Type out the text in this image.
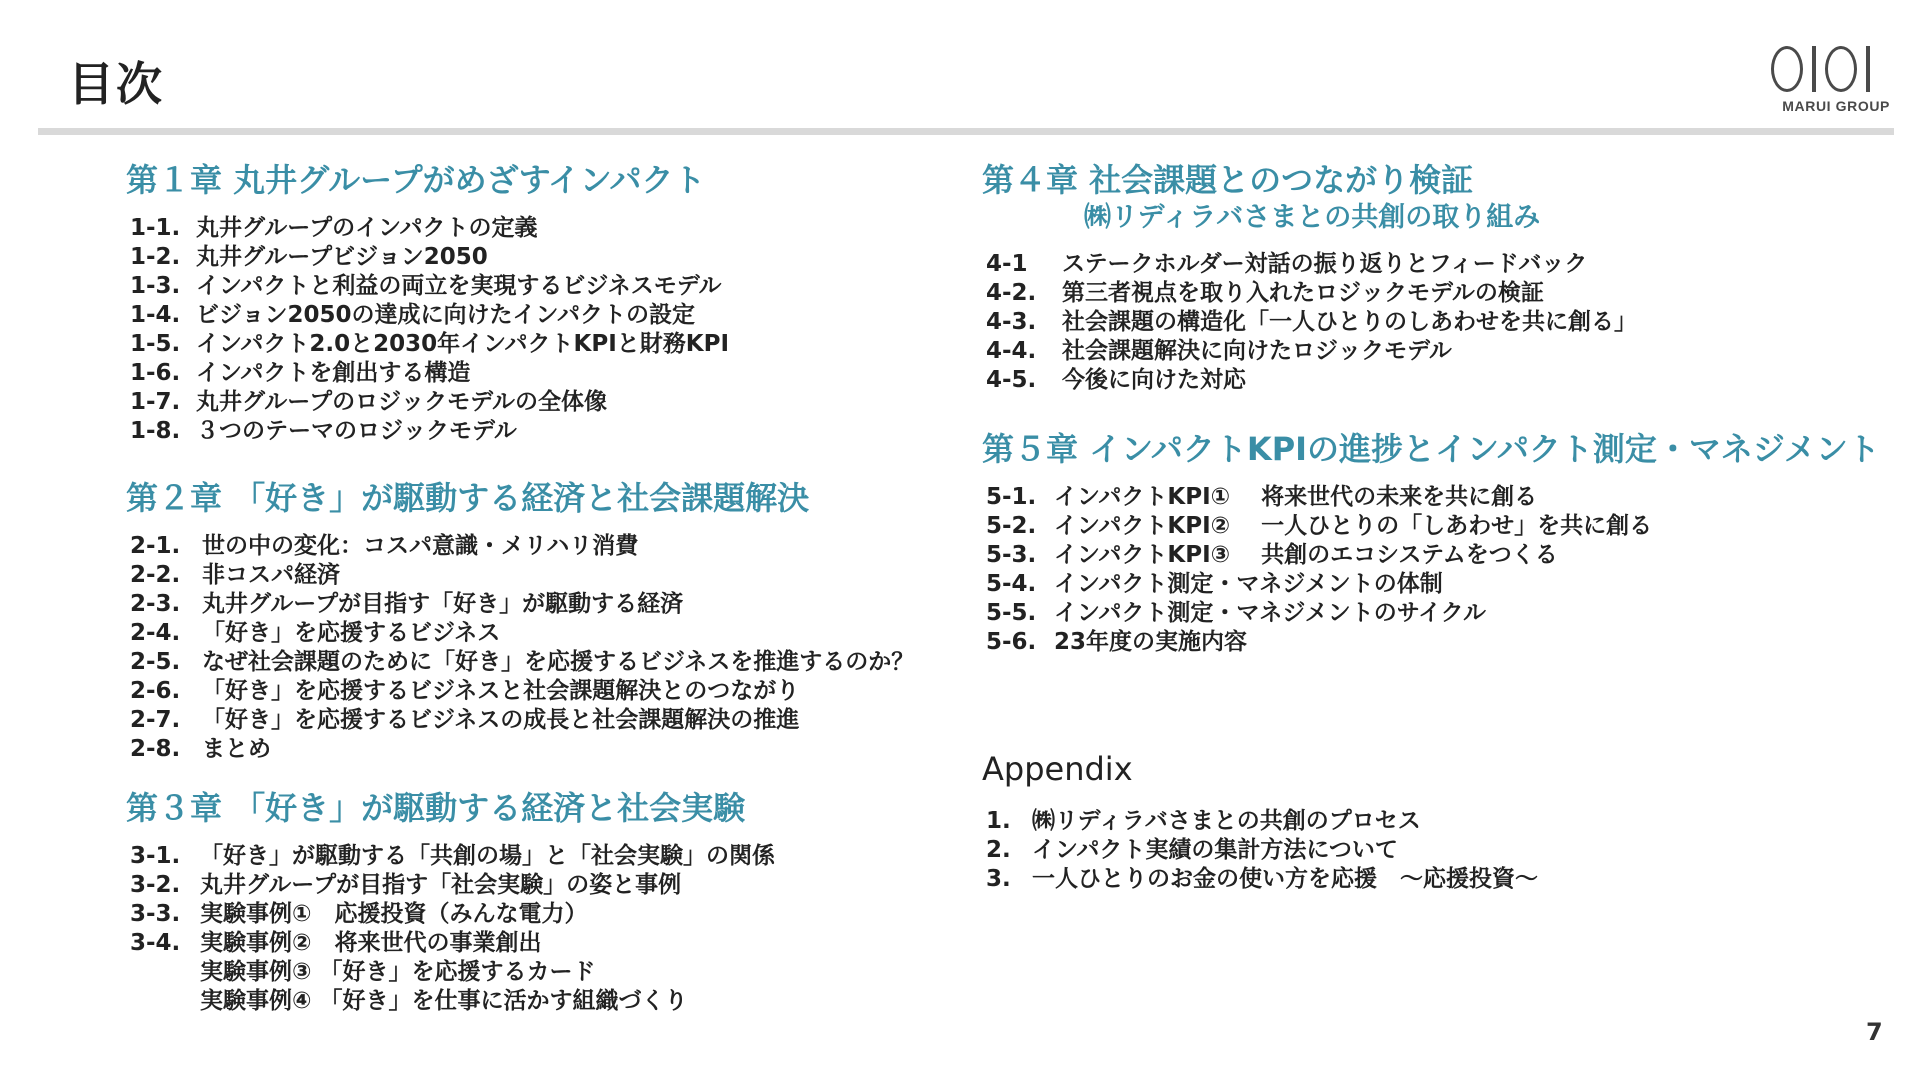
目次	MARUI GROUP
第１章 丸井グループがめざすインパクト
1-1. 丸井グループのインパクトの定義
1-2. 丸井グループビジョン2050
1-3. インパクトと利益の両立を実現するビジネスモデル
1-4. ビジョン2050の達成に向けたインパクトの設定
1-5. インパクト2.0と2030年インパクトKPIと財務KPI
1-6. インパクトを創出する構造
1-7. 丸井グループのロジックモデルの全体像
1-8. ３つのテーマのロジックモデル
第２章 「好き」が駆動する経済と社会課題解決
2-1. 世の中の変化：コスパ意識・メリハリ消費
2-2. 非コスパ経済
2-3. 丸井グループが目指す「好き」が駆動する経済
2-4. 「好き」を応援するビジネス
2-5. なぜ社会課題のために「好き」を応援するビジネスを推進するのか？
2-6. 「好き」を応援するビジネスと社会課題解決とのつながり
2-7. 「好き」を応援するビジネスの成長と社会課題解決の推進
2-8. まとめ
第３章 「好き」が駆動する経済と社会実験
3-1. 「好き」が駆動する「共創の場」と「社会実験」の関係
3-2. 丸井グループが目指す「社会実験」の姿と事例
3-3. 実験事例①　応援投資（みんな電力）
3-4. 実験事例②　将来世代の事業創出
実験事例③ 「好き」を応援するカード
実験事例④ 「好き」を仕事に活かす組織づくり
第４章 社会課題とのつながり検証
㈱リディラバさまとの共創の取り組み
4-1	ステークホルダー対話の振り返りとフィードバック
4-2.	第三者視点を取り入れたロジックモデルの検証
4-3.	社会課題の構造化「一人ひとりのしあわせを共に創る」
4-4.	社会課題解決に向けたロジックモデル
4-5.	今後に向けた対応
第５章 インパクトKPIの進捗とインパクト測定・マネジメント
5-1. インパクトKPI①　 将来世代の未来を共に創る
5-2. インパクトKPI②　 一人ひとりの「しあわせ」を共に創る
5-3. インパクトKPI③　 共創のエコシステムをつくる
5-4. インパクト測定・マネジメントの体制
5-5. インパクト測定・マネジメントのサイクル
5-6. 23年度の実施内容
Appendix
1. ㈱リディラバさまとの共創のプロセス
2. インパクト実績の集計方法について
3. 一人ひとりのお金の使い方を応援　～応援投資～
7
